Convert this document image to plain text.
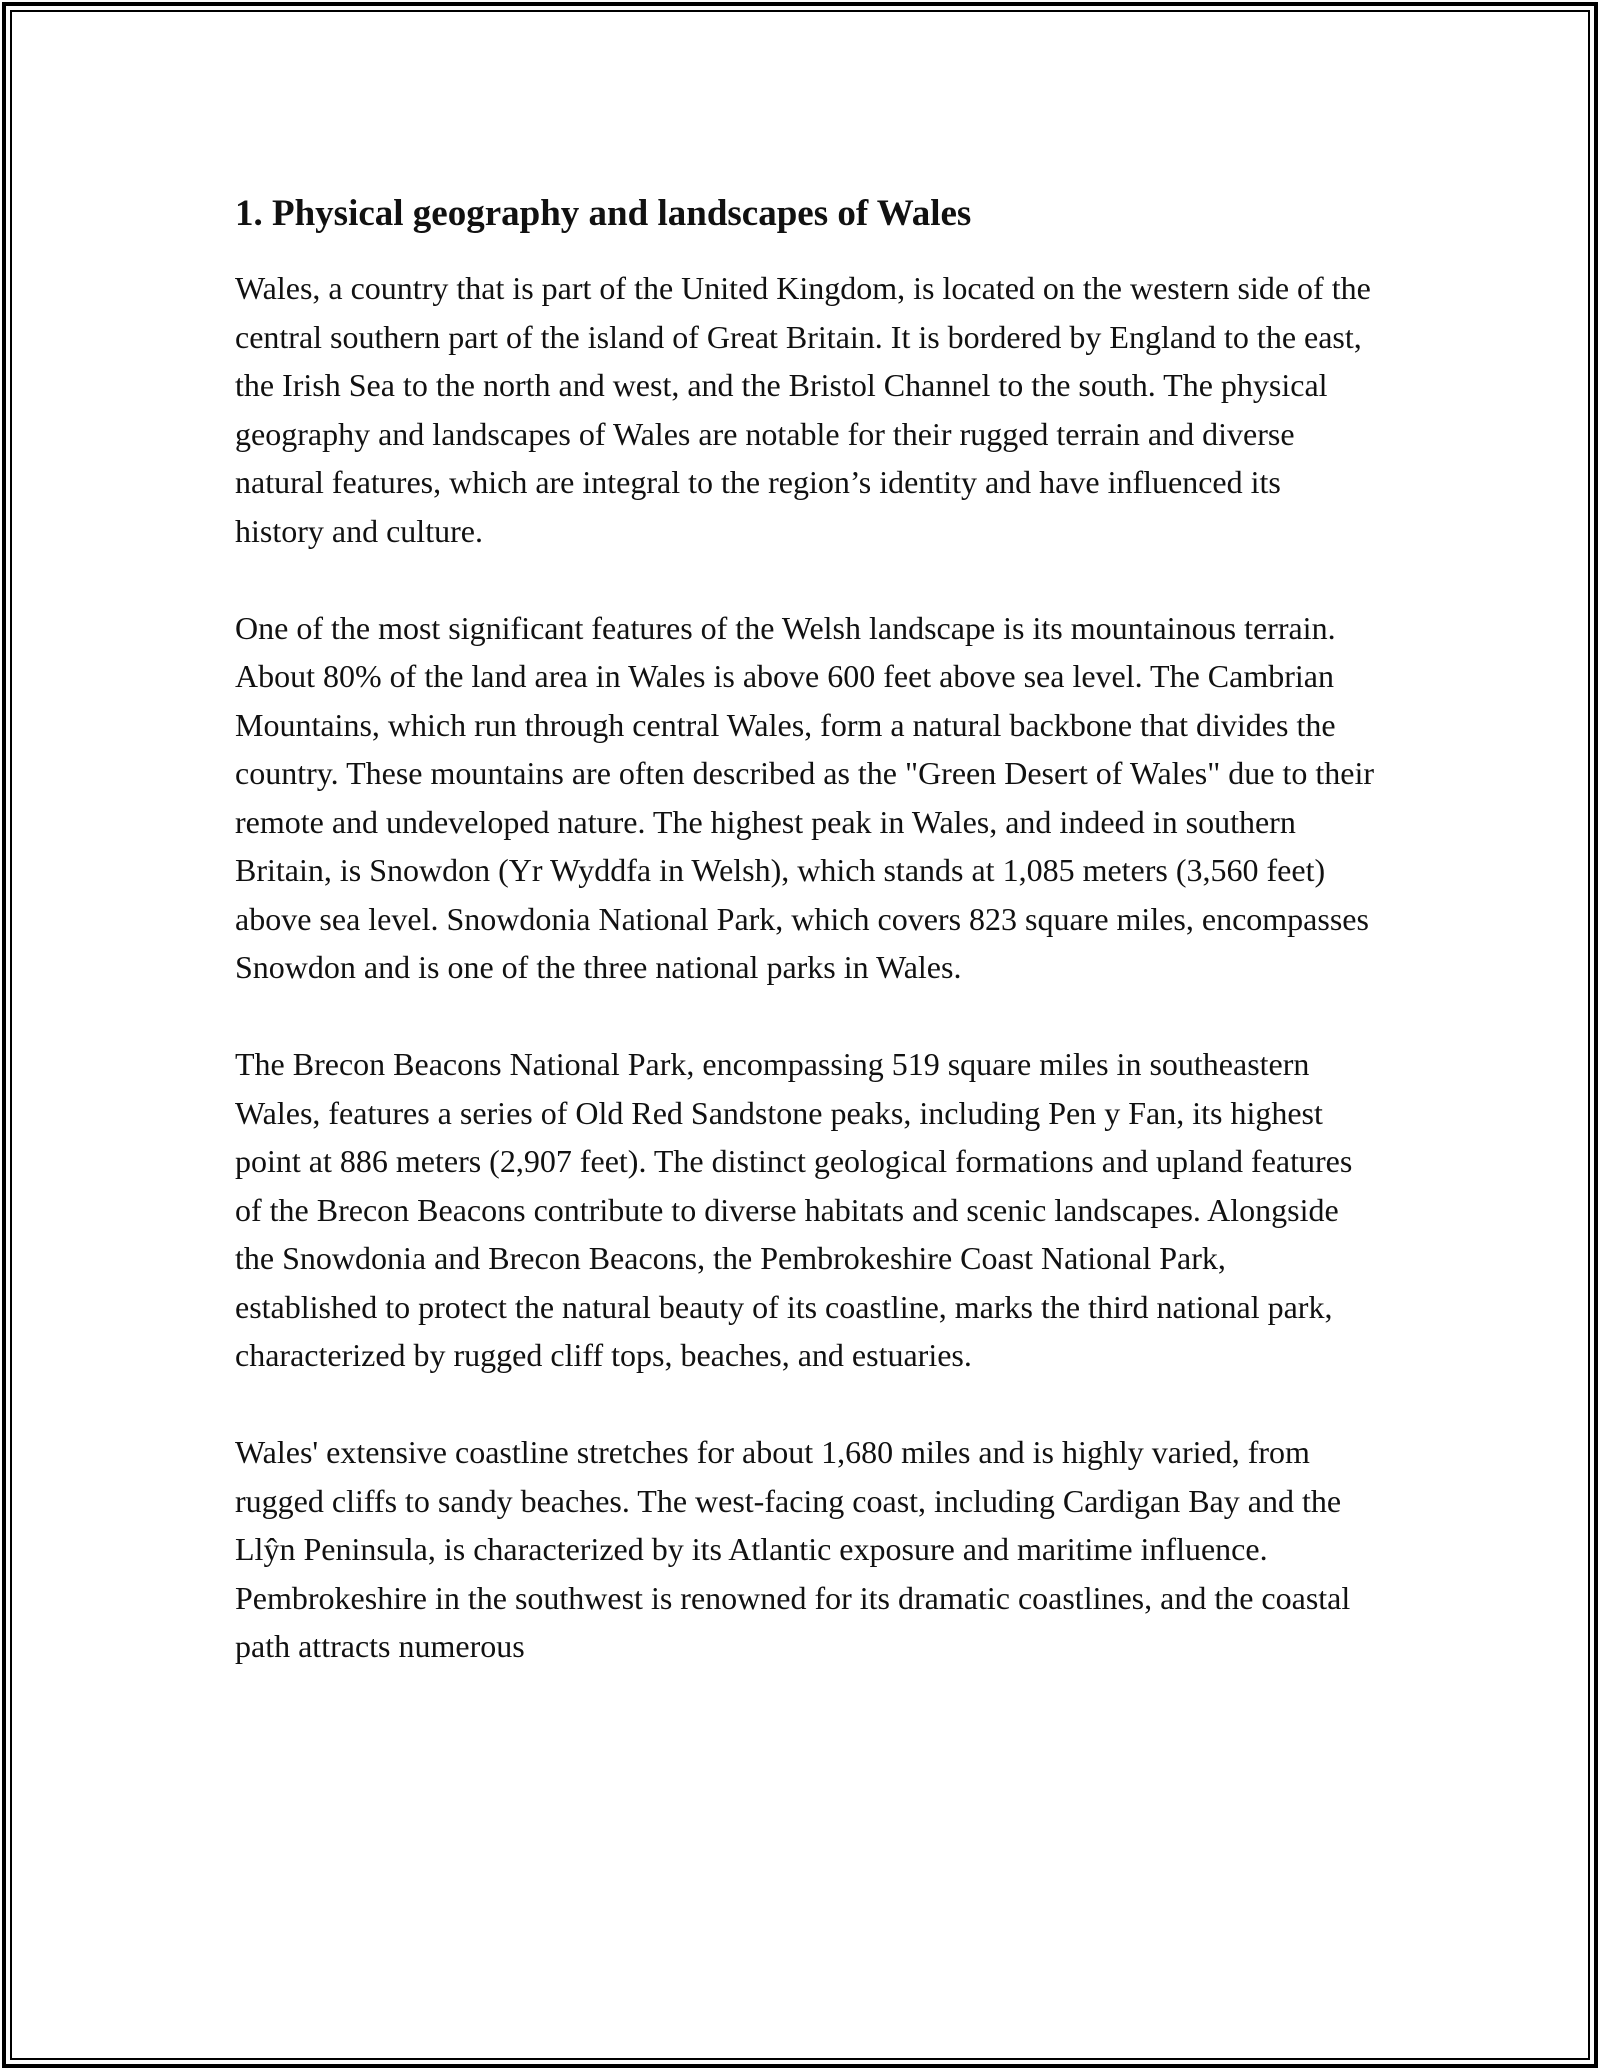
1. Physical geography and landscapes of Wales

Wales, a country that is part of the United Kingdom, is located on the western side of the central southern part of the island of Great Britain. It is bordered by England to the east, the Irish Sea to the north and west, and the Bristol Channel to the south. The physical geography and landscapes of Wales are notable for their rugged terrain and diverse natural features, which are integral to the region’s identity and have influenced its history and culture.

One of the most significant features of the Welsh landscape is its mountainous terrain. About 80% of the land area in Wales is above 600 feet above sea level. The Cambrian Mountains, which run through central Wales, form a natural backbone that divides the country. These mountains are often described as the "Green Desert of Wales" due to their remote and undeveloped nature. The highest peak in Wales, and indeed in southern Britain, is Snowdon (Yr Wyddfa in Welsh), which stands at 1,085 meters (3,560 feet) above sea level. Snowdonia National Park, which covers 823 square miles, encompasses Snowdon and is one of the three national parks in Wales.

The Brecon Beacons National Park, encompassing 519 square miles in southeastern Wales, features a series of Old Red Sandstone peaks, including Pen y Fan, its highest point at 886 meters (2,907 feet). The distinct geological formations and upland features of the Brecon Beacons contribute to diverse habitats and scenic landscapes. Alongside the Snowdonia and Brecon Beacons, the Pembrokeshire Coast National Park, established to protect the natural beauty of its coastline, marks the third national park, characterized by rugged cliff tops, beaches, and estuaries.

Wales' extensive coastline stretches for about 1,680 miles and is highly varied, from rugged cliffs to sandy beaches. The west-facing coast, including Cardigan Bay and the Llŷn Peninsula, is characterized by its Atlantic exposure and maritime influence. Pembrokeshire in the southwest is renowned for its dramatic coastlines, and the coastal path attracts numerous
